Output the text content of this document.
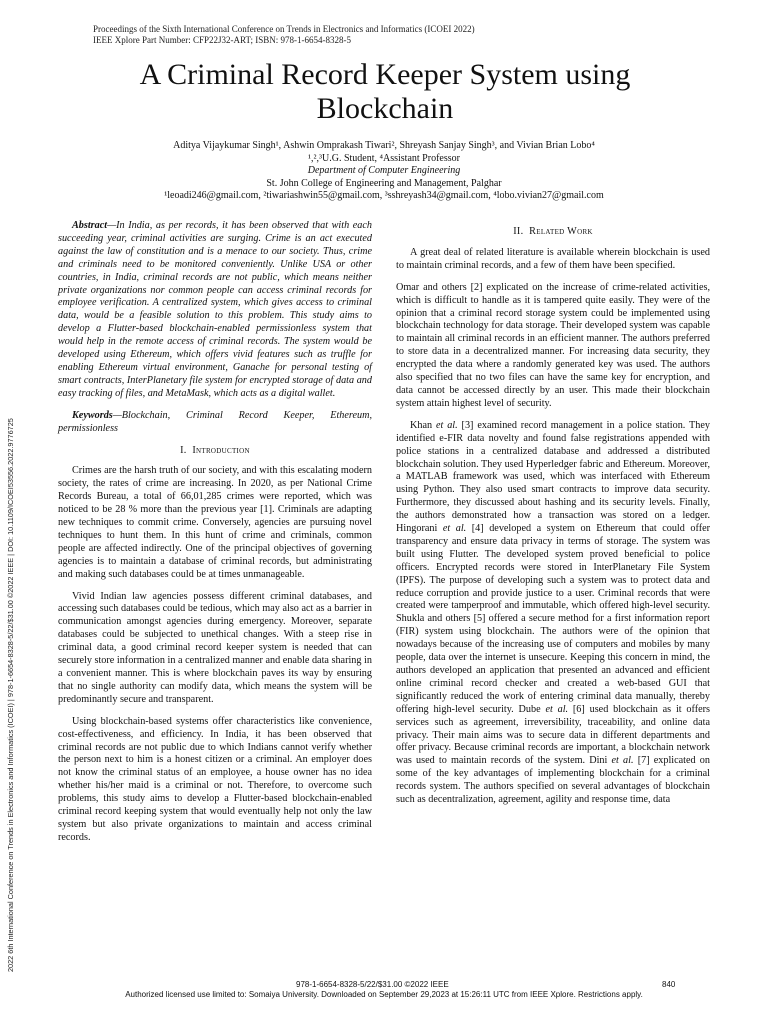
Proceedings of the Sixth International Conference on Trends in Electronics and Informatics (ICOEI 2022)
IEEE Xplore Part Number: CFP22J32-ART; ISBN: 978-1-6654-8328-5
A Criminal Record Keeper System using Blockchain
Aditya Vijaykumar Singh¹, Ashwin Omprakash Tiwari², Shreyash Sanjay Singh³, and Vivian Brian Lobo⁴
¹,²,³U.G. Student, ⁴Assistant Professor
Department of Computer Engineering
St. John College of Engineering and Management, Palghar
¹leoadi246@gmail.com, ²tiwariashwin55@gmail.com, ³sshreyash34@gmail.com, ⁴lobo.vivian27@gmail.com

Abstract—In India, as per records, it has been observed that with each succeeding year, criminal activities are surging. Crime is an act executed against the law of constitution and is a menace to our society. Thus, crime and criminals need to be monitored conveniently. Unlike USA or other countries, in India, criminal records are not public, which means neither private organizations nor common people can access criminal records for employee verification. A centralized system, which gives access to criminal data, would be a feasible solution to this problem. This study aims to develop a Flutter-based blockchain-enabled permissionless system that would help in the remote access of criminal records. The system would be developed using Ethereum, which offers vivid features such as truffle for enabling Ethereum virtual environment, Ganache for personal testing of smart contracts, InterPlanetary file system for encrypted storage of data and easy tracking of files, and MetaMask, which acts as a digital wallet.

Keywords—Blockchain, Criminal Record Keeper, Ethereum, permissionless

I. Introduction

Crimes are the harsh truth of our society, and with this escalating modern society, the rates of crime are increasing. In 2020, as per National Crime Records Bureau, a total of 66,01,285 crimes were reported, which was noticed to be 28 % more than the previous year [1]. Criminals are adapting new techniques to commit crime. Conversely, agencies are pursuing novel techniques to hunt them. In this hunt of crime and criminals, common people are affected indirectly. One of the principal objectives of governing agencies is to maintain a database of criminal records, but administrating and making such databases could be at times unmanageable.

Vivid Indian law agencies possess different criminal databases, and accessing such databases could be tedious, which may also act as a barrier in communication amongst agencies during emergency. Moreover, separate databases could be subjected to unethical changes. With a steep rise in criminal data, a good criminal record keeper system is needed that can securely store information in a centralized manner and enable data sharing in a convenient manner. This is where blockchain paves its way by ensuring that no single authority can modify data, which means the system will be predominantly secure and transparent.

Using blockchain-based systems offer characteristics like convenience, cost-effectiveness, and efficiency. In India, it has been observed that criminal records are not public due to which Indians cannot verify whether the person next to him is a honest citizen or a criminal. An employer does not know the criminal status of an employee, a house owner has no idea whether his/her maid is a criminal or not. Therefore, to overcome such problems, this study aims to develop a Flutter-based blockchain-enabled criminal record keeping system that would eventually help not only the law system but also private organizations to maintain and access criminal records.

II. Related Work

A great deal of related literature is available wherein blockchain is used to maintain criminal records, and a few of them have been specified.

Omar and others [2] explicated on the increase of crime-related activities, which is difficult to handle as it is tampered quite easily. They were of the opinion that a criminal record storage system could be implemented using blockchain technology for data storage. Their developed system was capable to maintain all criminal records in an efficient manner. The authors preferred to store data in a decentralized manner. For increasing data security, they encrypted the data where a randomly generated key was used. The authors also specified that no two files can have the same key for encryption, and data cannot be accessed directly by an user. This made their blockchain system attain highest level of security.

Khan et al. [3] examined record management in a police station. They identified e-FIR data novelty and found false registrations appended with police stations in a centralized database and addressed a distributed blockchain solution. They used Hyperledger fabric and Ethereum. Moreover, a MATLAB framework was used, which was interfaced with Ethereum using Python. They also used smart contracts to improve data security. Furthermore, they discussed about hashing and its security levels. Finally, the authors demonstrated how a transaction was stored on a ledger. Hingorani et al. [4] developed a system on Ethereum that could offer transparency and ensure data privacy in terms of storage. The system was built using Flutter. The developed system proved beneficial to police officers. Encrypted records were stored in InterPlanetary File System (IPFS). The purpose of developing such a system was to protect data and reduce corruption and provide justice to a user. Criminal records that were created were tamperproof and immutable, which offered high-level security. Shukla and others [5] offered a secure method for a first information report (FIR) system using blockchain. The authors were of the opinion that nowadays because of the increasing use of computers and mobiles by many people, data over the internet is unsecure. Keeping this concern in mind, the authors developed an application that presented an advanced and efficient online criminal record checker and created a web-based GUI that significantly reduced the work of entering criminal data manually, thereby offering high-level security. Dube et al. [6] used blockchain as it offers services such as agreement, irreversibility, traceability, and online data privacy. Their main aims was to secure data in different departments and offer privacy. Because criminal records are important, a blockchain network was used to maintain records of the system. Dini et al. [7] explicated on some of the key advantages of implementing blockchain for a criminal records system. The authors specified on several advantages of blockchain such as decentralization, agreement, agility and response time, data

2022 6th International Conference on Trends in Electronics and Informatics (ICOEI) | 978-1-6654-8328-5/22/$31.00 ©2022 IEEE | DOI: 10.1109/ICOEI53556.2022.9776725
978-1-6654-8328-5/22/$31.00 ©2022 IEEE	840
Authorized licensed use limited to: Somaiya University. Downloaded on September 29,2023 at 15:26:11 UTC from IEEE Xplore. Restrictions apply.
